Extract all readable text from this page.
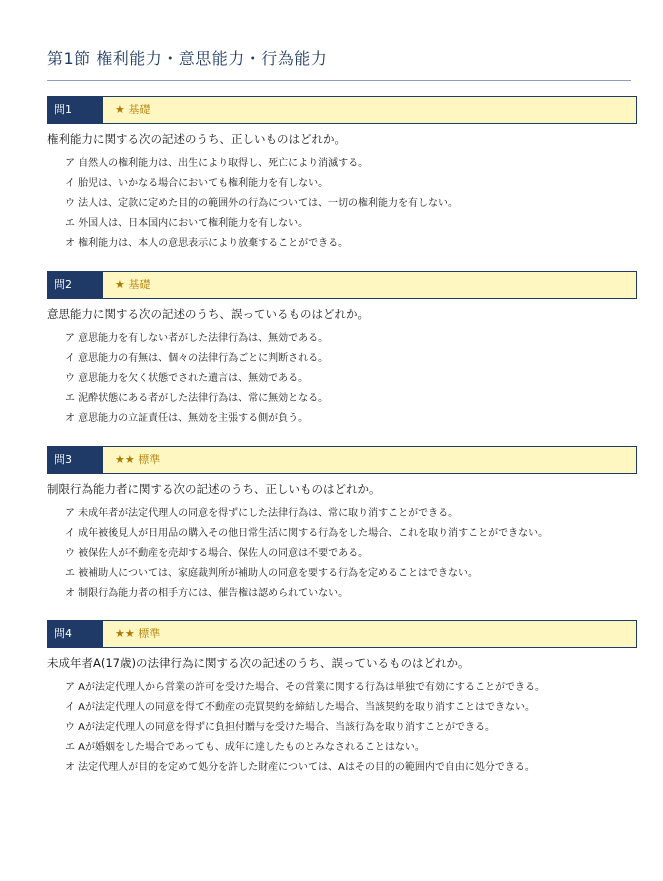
第1節 権利能力・意思能力・行為能力
問1	★ 基礎
権利能力に関する次の記述のうち、正しいものはどれか。
ア 自然人の権利能力は、出生により取得し、死亡により消滅する。
イ 胎児は、いかなる場合においても権利能力を有しない。
ウ 法人は、定款に定めた目的の範囲外の行為については、一切の権利能力を有しない。
エ 外国人は、日本国内において権利能力を有しない。
オ 権利能力は、本人の意思表示により放棄することができる。
問2	★ 基礎
意思能力に関する次の記述のうち、誤っているものはどれか。
ア 意思能力を有しない者がした法律行為は、無効である。
イ 意思能力の有無は、個々の法律行為ごとに判断される。
ウ 意思能力を欠く状態でされた遺言は、無効である。
エ 泥酔状態にある者がした法律行為は、常に無効となる。
オ 意思能力の立証責任は、無効を主張する側が負う。
問3	★★ 標準
制限行為能力者に関する次の記述のうち、正しいものはどれか。
ア 未成年者が法定代理人の同意を得ずにした法律行為は、常に取り消すことができる。
イ 成年被後見人が日用品の購入その他日常生活に関する行為をした場合、これを取り消すことができない。
ウ 被保佐人が不動産を売却する場合、保佐人の同意は不要である。
エ 被補助人については、家庭裁判所が補助人の同意を要する行為を定めることはできない。
オ 制限行為能力者の相手方には、催告権は認められていない。
問4	★★ 標準
未成年者A(17歳)の法律行為に関する次の記述のうち、誤っているものはどれか。
ア Aが法定代理人から営業の許可を受けた場合、その営業に関する行為は単独で有効にすることができる。
イ Aが法定代理人の同意を得て不動産の売買契約を締結した場合、当該契約を取り消すことはできない。
ウ Aが法定代理人の同意を得ずに負担付贈与を受けた場合、当該行為を取り消すことができる。
エ Aが婚姻をした場合であっても、成年に達したものとみなされることはない。
オ 法定代理人が目的を定めて処分を許した財産については、Aはその目的の範囲内で自由に処分できる。
